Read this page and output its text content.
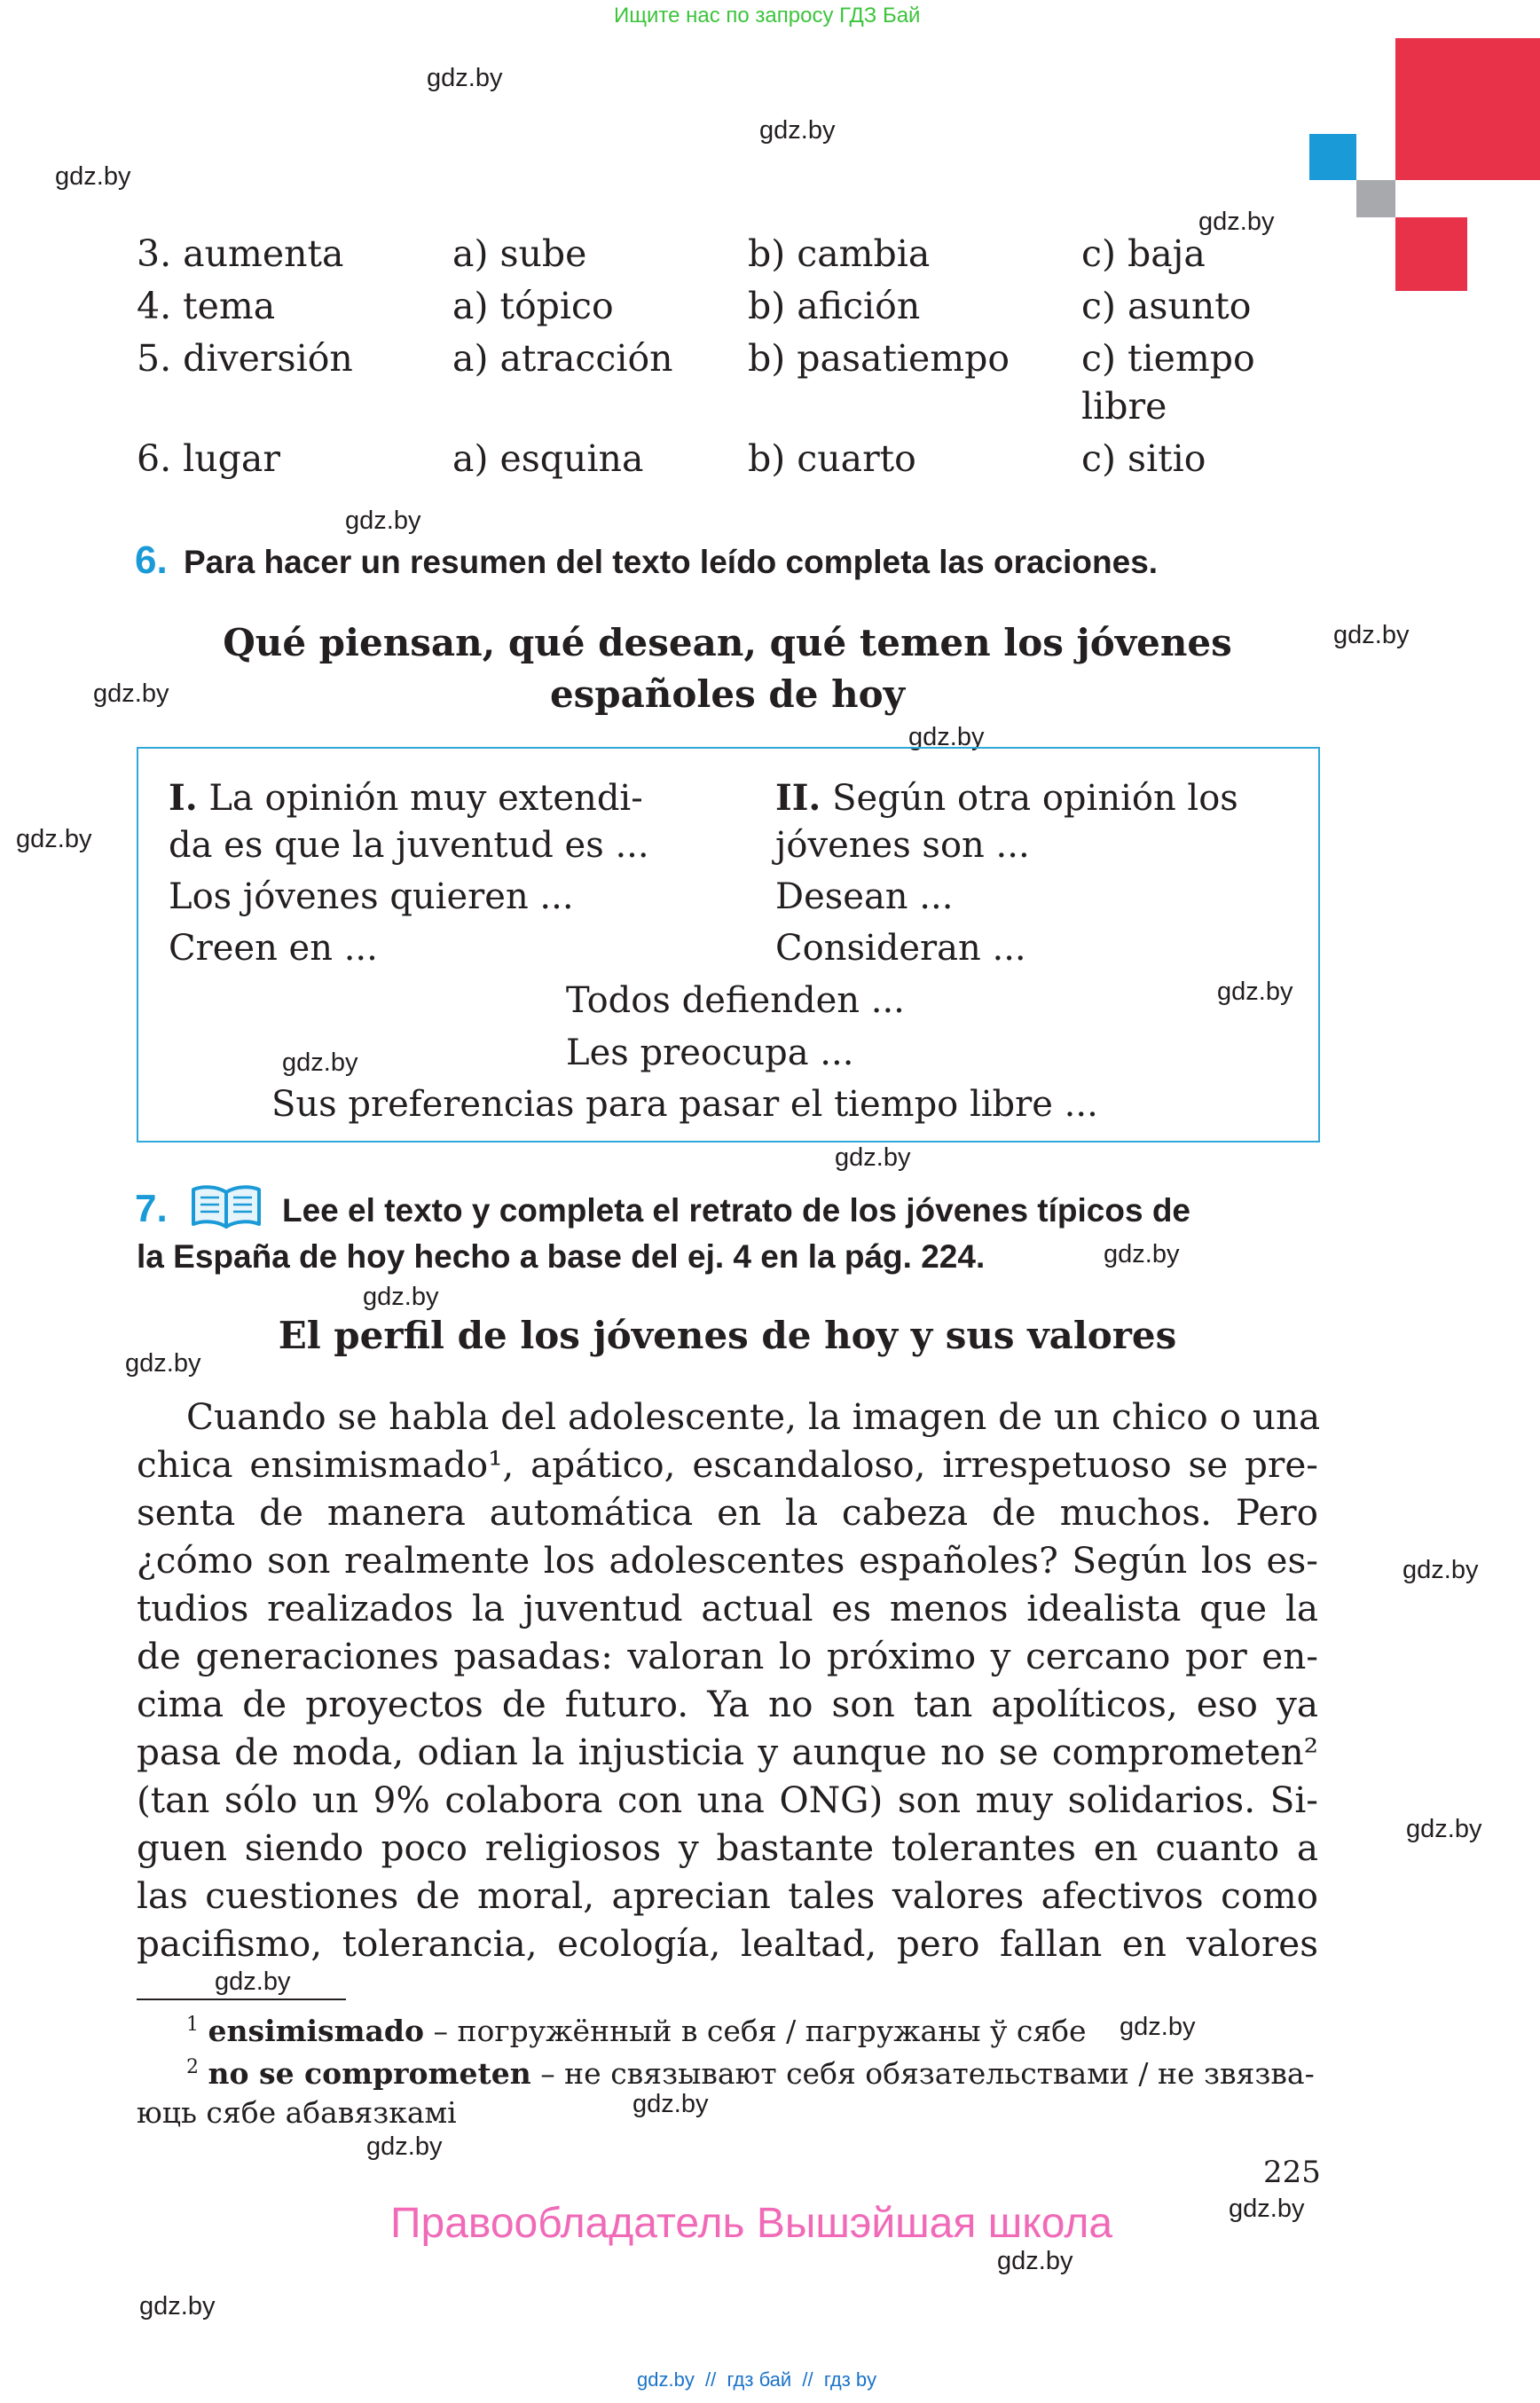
Ищите нас по запросу ГДЗ Бай
gdz.by
gdz.by
gdz.by
gdz.by
gdz.by
gdz.by
gdz.by
gdz.by
gdz.by
gdz.by
gdz.by
gdz.by
gdz.by
gdz.by
gdz.by
gdz.by
gdz.by
gdz.by
gdz.by
gdz.by
gdz.by
gdz.by
gdz.by
gdz.by
3. aumenta	a) sube	b) cambia	c) baja
4. tema	a) tópico	b) afición	c) asunto
5. diversión	a) atracción b) pasatiempo c) tiempo
libre
6. lugar	a) esquina	b) cuarto	c) sitio
6. Para hacer un resumen del texto leído completa las oraciones.
Qué piensan, qué desean, qué temen los jóvenes
españoles de hoy
I. La opinión muy extendi-
da es que la juventud es ...
Los jóvenes quieren ...
Creen en ...
II. Según otra opinión los
jóvenes son ...
Desean ...
Consideran ...
Todos defienden ...
Les preocupa ...
Sus preferencias para pasar el tiempo libre ...
7.	Lee el texto y completa el retrato de los jóvenes típicos de
la España de hoy hecho a base del ej. 4 en la pág. 224.
El perfil de los jóvenes de hoy y sus valores
Cuando se habla del adolescente, la imagen de un chico o una
chica ensimismado¹, apático, escandaloso, irrespetuoso se pre-
senta de manera automática en la cabeza de muchos. Pero
¿cómo son realmente los adolescentes españoles? Según los es-
tudios realizados la juventud actual es menos idealista que la
de generaciones pasadas: valoran lo próximo y cercano por en-
cima de proyectos de futuro. Ya no son tan apolíticos, eso ya
pasa de moda, odian la injusticia y aunque no se comprometen²
(tan sólo un 9% colabora con una ONG) son muy solidarios. Si-
guen siendo poco religiosos y bastante tolerantes en cuanto a
las cuestiones de moral, aprecian tales valores afectivos como
pacifismo, tolerancia, ecología, lealtad, pero fallan en valores
$^1$ ensimismado – погружённый в себя / пагружаны ў сябе
$^2$ no se comprometen – не связывают себя обязательствами / не звязва-
юць сябе абавязкамі
225
Правообладатель Вышэйшая школа
gdz.by  //  гдз бай  //  гдз by
